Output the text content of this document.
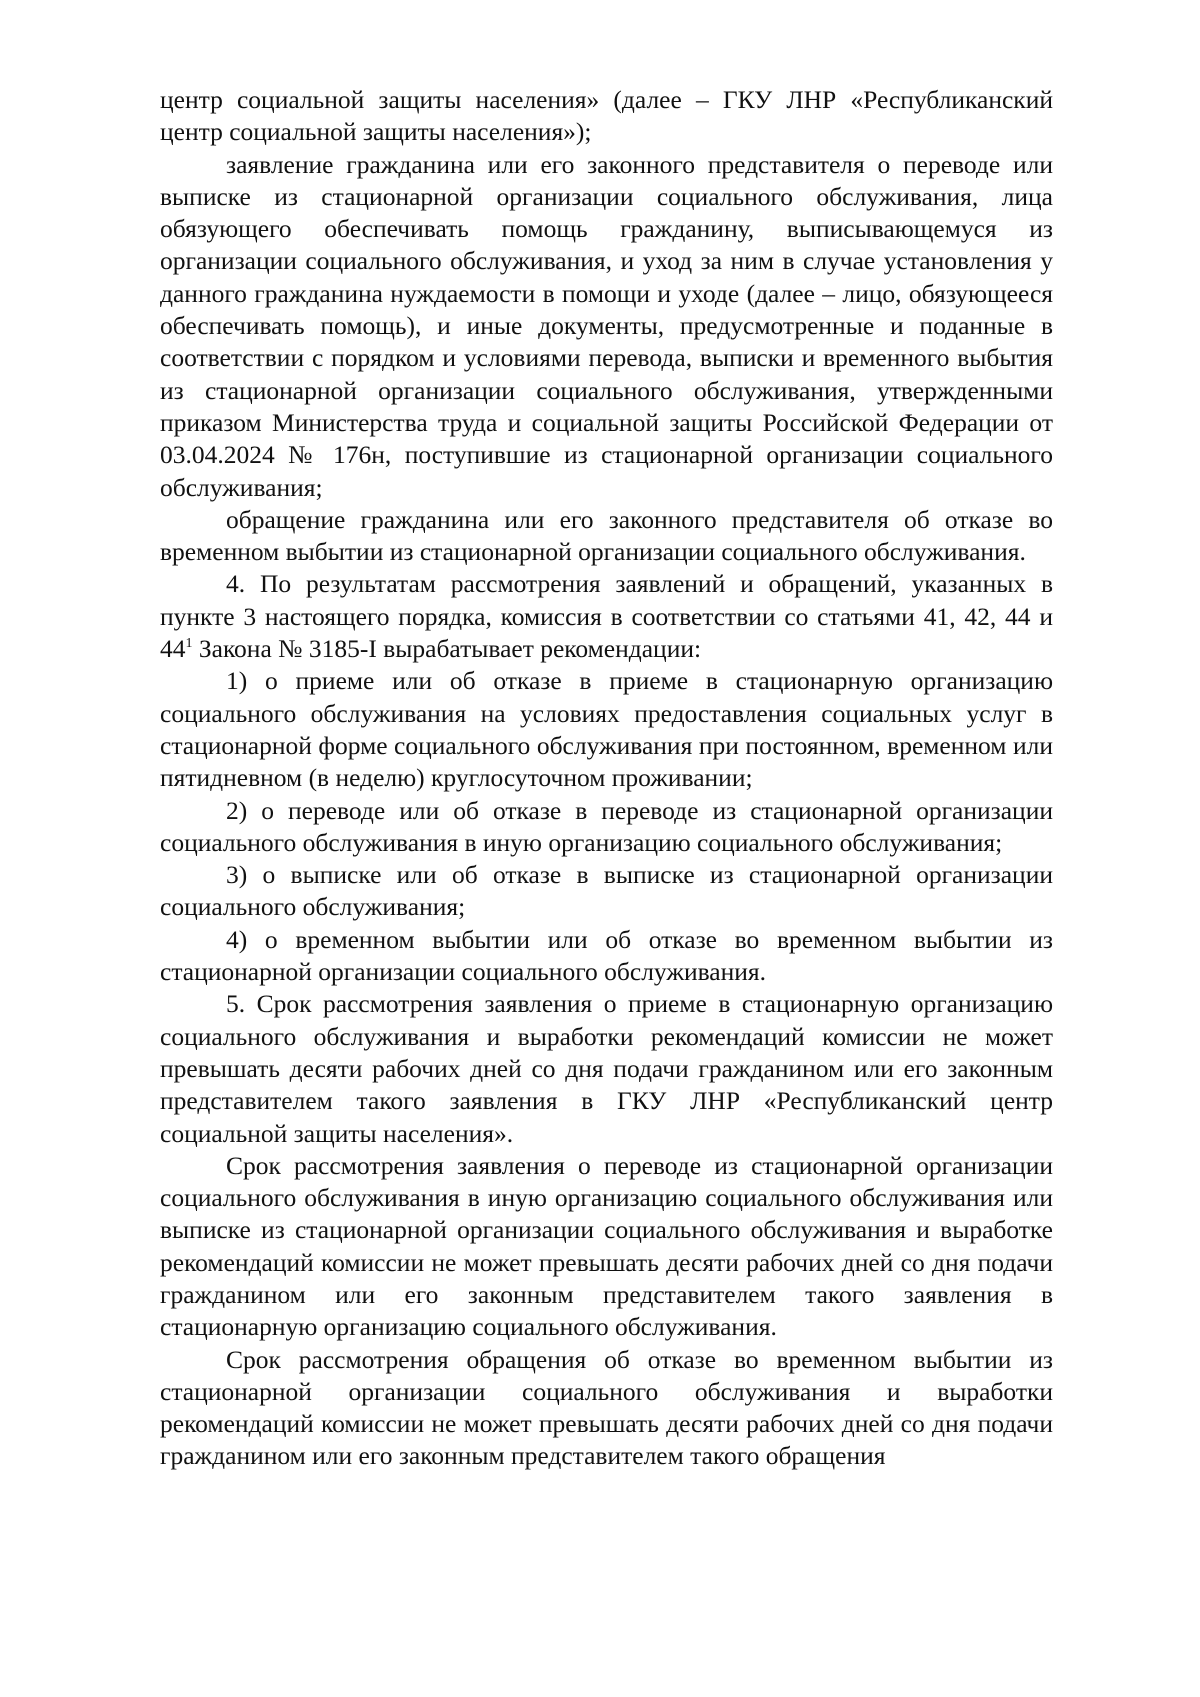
центр социальной защиты населения» (далее – ГКУ ЛНР «Республиканский центр социальной защиты населения»);

заявление гражданина или его законного представителя о переводе или выписке из стационарной организации социального обслуживания, лица обязующего обеспечивать помощь гражданину, выписывающемуся из организации социального обслуживания, и уход за ним в случае установления у данного гражданина нуждаемости в помощи и уходе (далее – лицо, обязующееся обеспечивать помощь), и иные документы, предусмотренные и поданные в соответствии с порядком и условиями перевода, выписки и временного выбытия из стационарной организации социального обслуживания, утвержденными приказом Министерства труда и социальной защиты Российской Федерации от 03.04.2024 № 176н, поступившие из стационарной организации социального обслуживания;

обращение гражданина или его законного представителя об отказе во временном выбытии из стационарной организации социального обслуживания.

4. По результатам рассмотрения заявлений и обращений, указанных в пункте 3 настоящего порядка, комиссия в соответствии со статьями 41, 42, 44 и $44^1$ Закона № 3185-I вырабатывает рекомендации:

1) о приеме или об отказе в приеме в стационарную организацию социального обслуживания на условиях предоставления социальных услуг в стационарной форме социального обслуживания при постоянном, временном или пятидневном (в неделю) круглосуточном проживании;

2) о переводе или об отказе в переводе из стационарной организации социального обслуживания в иную организацию социального обслуживания;

3) о выписке или об отказе в выписке из стационарной организации социального обслуживания;

4) о временном выбытии или об отказе во временном выбытии из стационарной организации социального обслуживания.

5. Срок рассмотрения заявления о приеме в стационарную организацию социального обслуживания и выработки рекомендаций комиссии не может превышать десяти рабочих дней со дня подачи гражданином или его законным представителем такого заявления в ГКУ ЛНР «Республиканский центр социальной защиты населения».

Срок рассмотрения заявления о переводе из стационарной организации социального обслуживания в иную организацию социального обслуживания или выписке из стационарной организации социального обслуживания и выработке рекомендаций комиссии не может превышать десяти рабочих дней со дня подачи гражданином или его законным представителем такого заявления в стационарную организацию социального обслуживания.

Срок рассмотрения обращения об отказе во временном выбытии из стационарной организации социального обслуживания и выработки рекомендаций комиссии не может превышать десяти рабочих дней со дня подачи гражданином или его законным представителем такого обращения
